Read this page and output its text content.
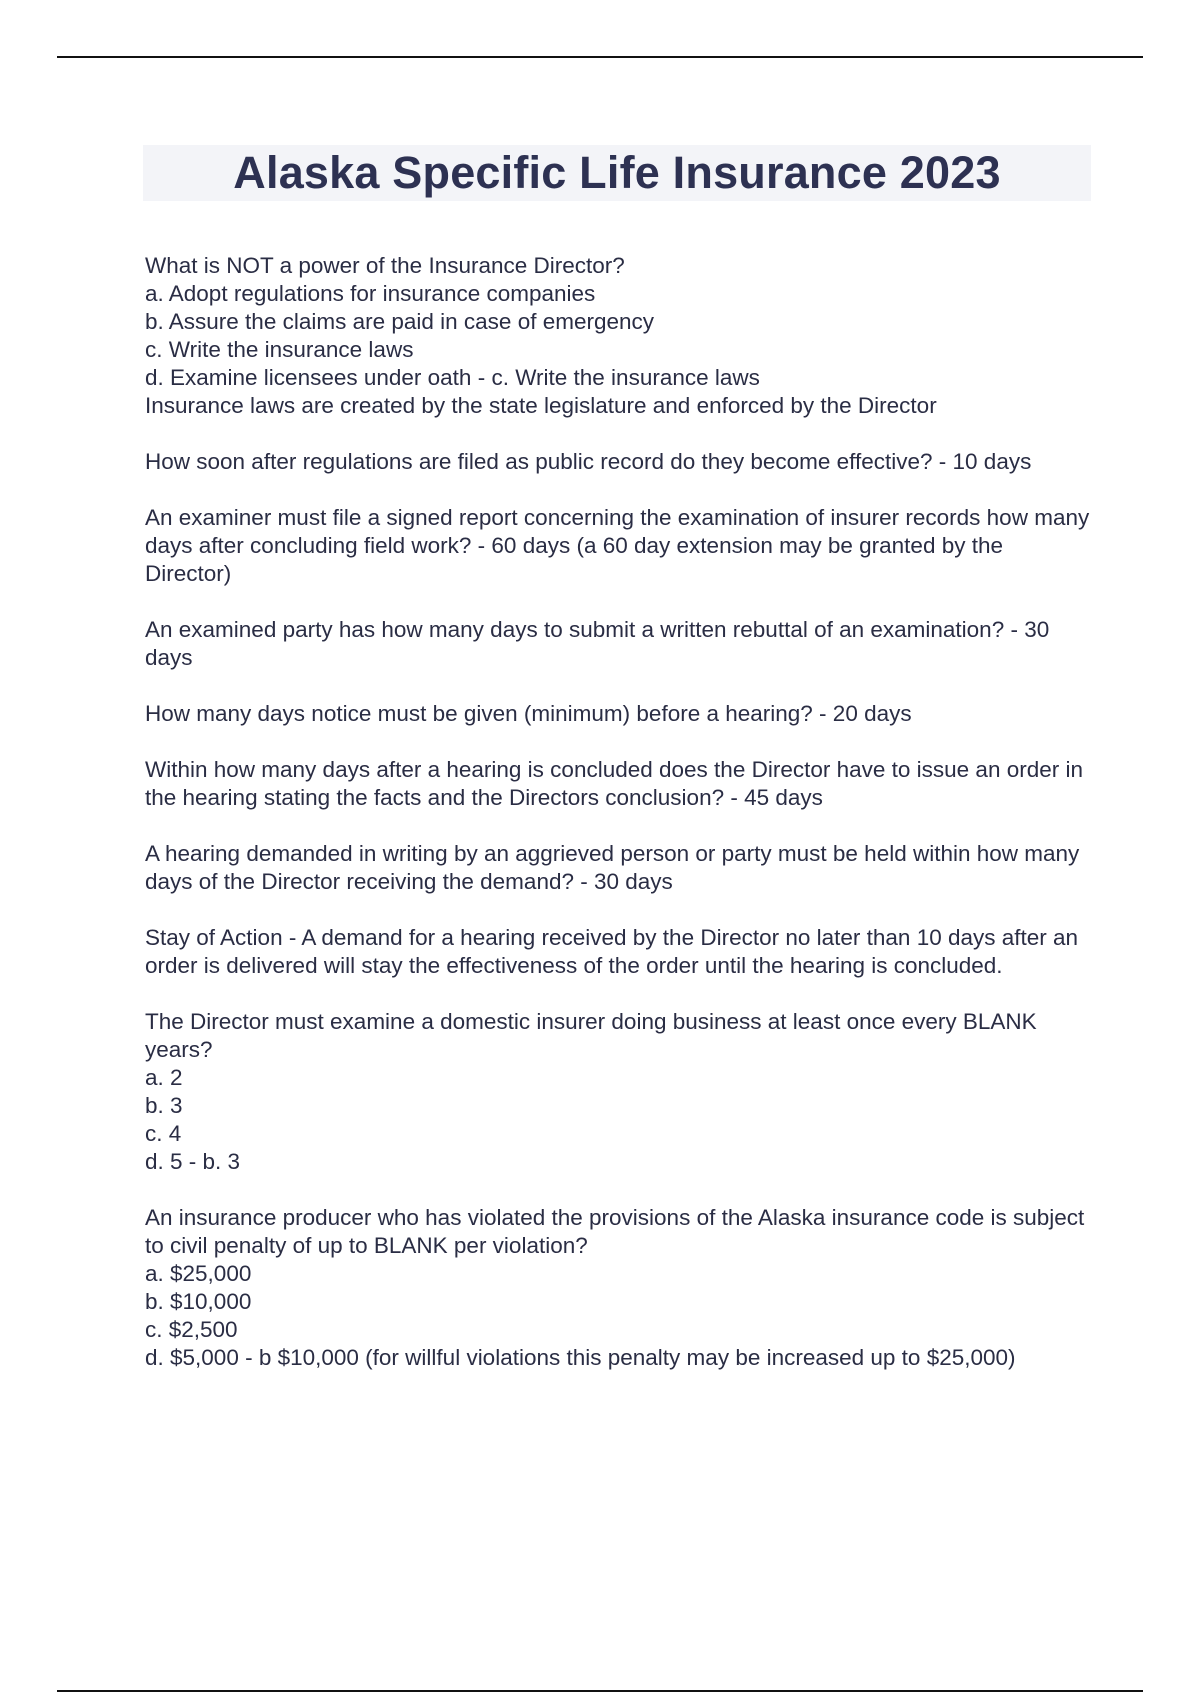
Alaska Specific Life Insurance 2023
What is NOT a power of the Insurance Director?
a. Adopt regulations for insurance companies
b. Assure the claims are paid in case of emergency
c. Write the insurance laws
d. Examine licensees under oath - c. Write the insurance laws
Insurance laws are created by the state legislature and enforced by the Director
How soon after regulations are filed as public record do they become effective? - 10 days
An examiner must file a signed report concerning the examination of insurer records how many days after concluding field work? - 60 days (a 60 day extension may be granted by the Director)
An examined party has how many days to submit a written rebuttal of an examination? - 30 days
How many days notice must be given (minimum) before a hearing? - 20 days
Within how many days after a hearing is concluded does the Director have to issue an order in the hearing stating the facts and the Directors conclusion? - 45 days
A hearing demanded in writing by an aggrieved person or party must be held within how many days of the Director receiving the demand? - 30 days
Stay of Action - A demand for a hearing received by the Director no later than 10 days after an order is delivered will stay the effectiveness of the order until the hearing is concluded.
The Director must examine a domestic insurer doing business at least once every BLANK years?
a. 2
b. 3
c. 4
d. 5 - b. 3
An insurance producer who has violated the provisions of the Alaska insurance code is subject to civil penalty of up to BLANK per violation?
a. $25,000
b. $10,000
c. $2,500
d. $5,000 - b $10,000 (for willful violations this penalty may be increased up to $25,000)
